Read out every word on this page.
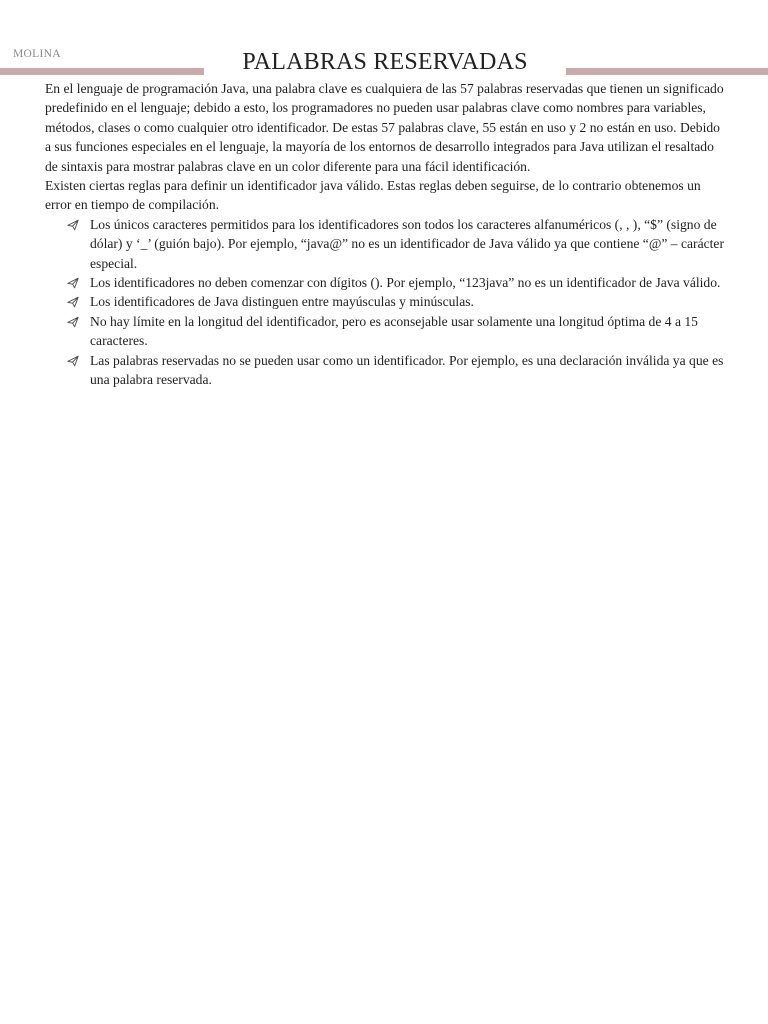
MOLINA	PALABRAS RESERVADAS

En el lenguaje de programación Java, una palabra clave es cualquiera de las 57 palabras reservadas que tienen un significado predefinido en el lenguaje; debido a esto, los programadores no pueden usar palabras clave como nombres para variables, métodos, clases o como cualquier otro identificador. De estas 57 palabras clave, 55 están en uso y 2 no están en uso. Debido a sus funciones especiales en el lenguaje, la mayoría de los entornos de desarrollo integrados para Java utilizan el resaltado de sintaxis para mostrar palabras clave en un color diferente para una fácil identificación.

Existen ciertas reglas para definir un identificador java válido. Estas reglas deben seguirse, de lo contrario obtenemos un error en tiempo de compilación.

Los únicos caracteres permitidos para los identificadores son todos los caracteres alfanuméricos (, , ), “$” (signo de dólar) y ‘_’ (guión bajo). Por ejemplo, “java@” no es un identificador de Java válido ya que contiene “@” – carácter especial.
Los identificadores no deben comenzar con dígitos (). Por ejemplo, “123java” no es un identificador de Java válido.
Los identificadores de Java distinguen entre mayúsculas y minúsculas.
No hay límite en la longitud del identificador, pero es aconsejable usar solamente una longitud óptima de 4 a 15 caracteres.
Las palabras reservadas no se pueden usar como un identificador. Por ejemplo, es una declaración inválida ya que es una palabra reservada.
